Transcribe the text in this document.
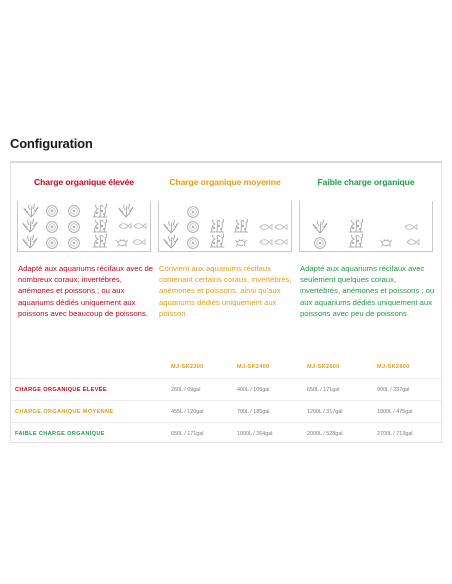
Configuration
Charge organique élevée

Adapté aux aquariums récifaux avec de nombreux coraux, invertébrés, anémones et poissons ; ou aux aquariums dédiés uniquement aux poissons avec beaucoup de poissons.

Charge organique moyenne

Convient aux aquariums récifaux contenant certains coraux, invertébrés, anémones et poissons, ainsi qu'aux aquariums dédiés uniquement aux poisson.

Faible charge organique

Adapté aux aquariums récifaux avec seulement quelques coraux, invertébrés, anémones et poissons ; ou aux aquariums dédiés uniquement aux poissons avec peu de poissons.

	MJ-SK2200	MJ-SK2400	MJ-SK2600	MJ-SK2800
CHARGE ORGANIQUE ÉLEVÉE	260L / 69gal	400L / 105gal	650L / 171gal	900L / 237gal
CHARGE ORGANIQUE MOYENNE	455L / 120gal	700L / 185gal	1200L / 317gal	1800L / 475gal
FAIBLE CHARGE ORGANIQUE	650L / 171gal	1000L / 264gal	2000L / 528gal	2700L / 713gal
